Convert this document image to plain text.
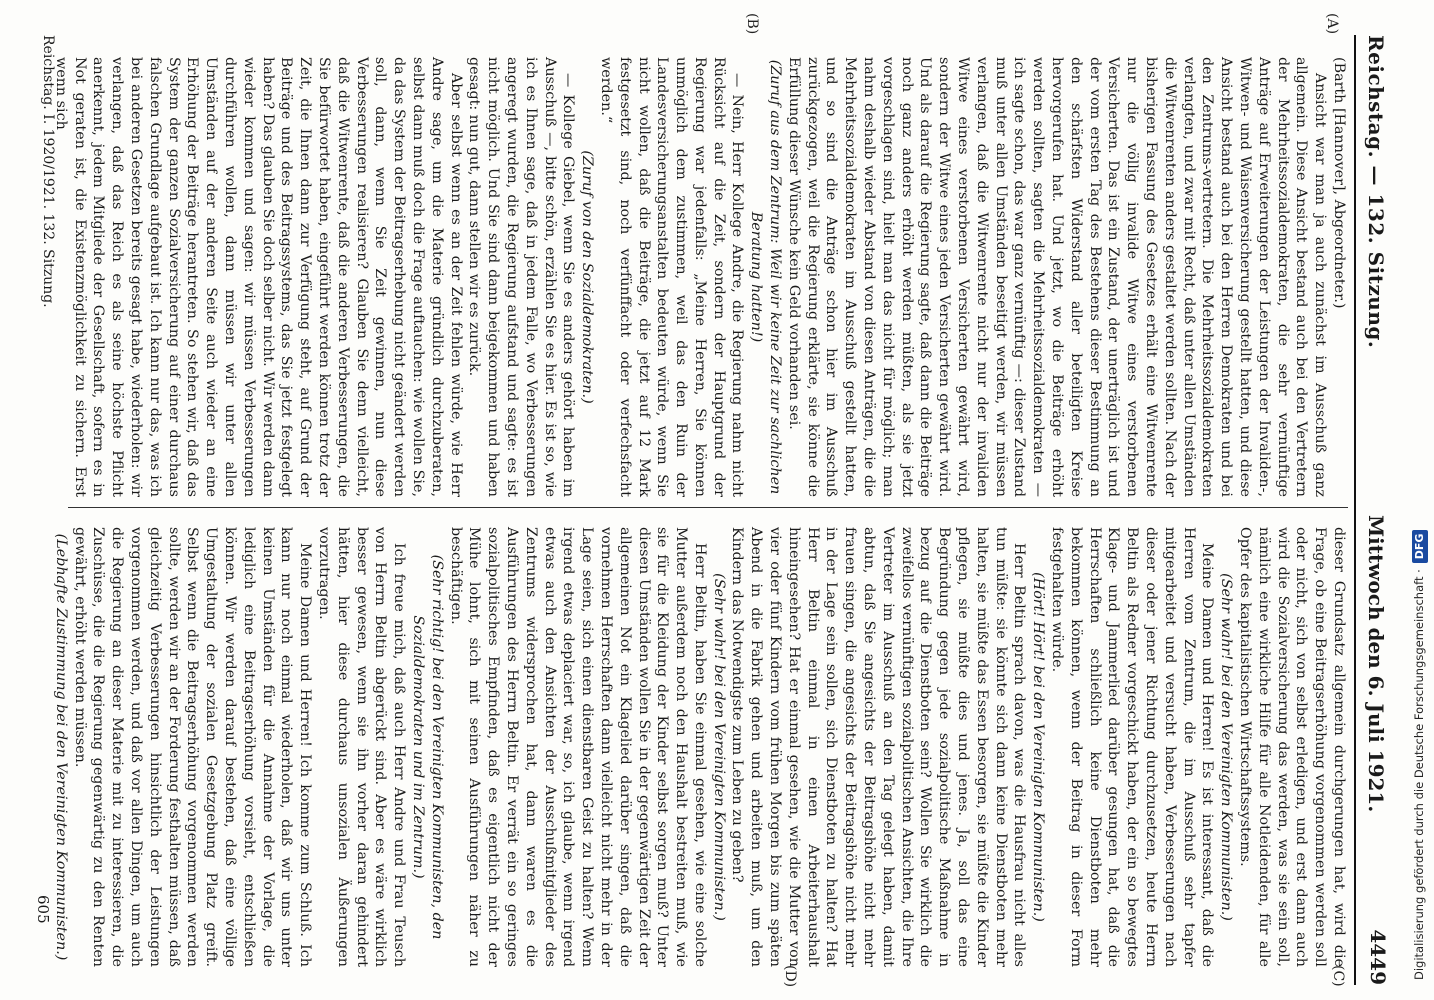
Reichstag. — 132. Sitzung.
Mittwoch den 6. Juli 1921.
4449
(A)
(B)
(C)
(D)

(Barth [Hannover], Abgeordneter.)

Ansicht war man ja auch zunächst im Ausschuß ganz allgemein. Diese Ansicht bestand auch bei den Vertretern der Mehrheitssozialdemokraten, die sehr vernünftige Anträge auf Erweiterungen der Leistungen der Invaliden-, Witwen- und Waisenversicherung gestellt hatten, und diese Ansicht bestand auch bei den Herren Demokraten und bei den Zentrums-vertretern. Die Mehrheitssozialdemokraten verlangten, und zwar mit Recht, daß unter allen Umständen die Witwenrenten anders gestaltet werden sollten. Nach der bisherigen Fassung des Gesetzes erhält eine Witwenrente nur die völlig invalide Witwe eines verstorbenen Versicherten. Das ist ein Zustand, der unerträglich ist und der vom ersten Tag des Bestehens dieser Bestimmung an den schärfsten Widerstand aller beteiligten Kreise hervorgerufen hat. Und jetzt, wo die Beiträge erhöht werden sollten, sagten die Mehrheitssozialdemokraten — ich sagte schon, das war ganz vernünftig —: dieser Zustand muß unter allen Umständen beseitigt werden, wir müssen verlangen, daß die Witwenrente nicht nur der invaliden Witwe eines verstorbenen Versicherten gewährt wird, sondern der Witwe eines jeden Versicherten gewährt wird. Und als darauf die Regierung sagte, daß dann die Beiträge noch ganz anders erhöht werden müßten, als sie jetzt vorgeschlagen sind, hielt man das nicht für möglich; man nahm deshalb wieder Abstand von diesen Anträgen, die die Mehrheitssozialdemokraten im Ausschuß gestellt hatten, und so sind die Anträge schon hier im Ausschuß zurückgezogen, weil die Regierung erklärte, sie könne die Erfüllung dieser Wünsche kein Geld vorhanden sei.

(Zuruf aus dem Zentrum: Weil wir keine Zeit zur sachlichen Beratung hatten!)

— Nein, Herr Kollege Andre, die Regierung nahm nicht Rücksicht auf die Zeit, sondern der Hauptgrund der Regierung war jedenfalls: „Meine Herren, Sie können unmöglich dem zustimmen, weil das den Ruin der Landesversicherungsanstalten bedeuten würde, wenn Sie nicht wollen, daß die Beiträge, die jetzt auf 12 Mark festgesetzt sind, noch verfünffacht oder verfechsfacht werden.“

(Zuruf von den Sozialdemokraten.)

— Kollege Giebel, wenn Sie es anders gehört haben im Ausschuß —, bitte schön, erzählen Sie es hier. Es ist so, wie ich es Ihnen sage, daß in jedem Falle, wo Verbesserungen angeregt wurden, die Regierung aufstand und sagte: es ist nicht möglich. Und Sie sind dann beigekommen und haben gesagt: nun gut, dann stellen wir es zurück.

Aber selbst wenn es an der Zeit fehlen würde, wie Herr Andre sage, um die Materie gründlich durchzuberaten, selbst dann muß doch die Frage auftauchen: wie wollen Sie, da das System der Beitragserhebung nicht geändert werden soll, dann, wenn Sie Zeit gewinnen, nun diese Verbesserungen realisieren? Glauben Sie denn vielleicht, daß die Witwenrente, daß die anderen Verbesserungen, die Sie befürwortet haben, eingeführt werden können trotz der Zeit, die Ihnen dann zur Verfügung steht, auf Grund der Beiträge und des Beitragssystems, das Sie jetzt festgelegt haben? Das glauben Sie doch selber nicht. Wir werden dann wieder kommen und sagen: wir müssen Verbesserungen durchführen wollen, dann müssen wir unter allen Umständen auf der anderen Seite auch wieder an eine Erhöhung der Beiträge herantreten. So stehen wir, daß das System der ganzen Sozialversicherung auf einer durchaus falschen Grundlage aufgebaut ist. Ich kann nur das, was ich bei anderen Gesetzen bereits gesagt habe, wiederholen: wir verlangen, daß das Reich es als seine höchste Pflicht anerkennt, jedem Mitgliede der Gesellschaft, sofern es in Not geraten ist, die Existenzmöglichkeit zu sichern. Erst wenn sich

dieser Grundsatz allgemein durchgerungen hat, wird die Frage, ob eine Beitragserhöhung vorgenommen werden soll oder nicht, sich von selbst erledigen, und erst dann auch wird die Sozialversicherung das werden, was sie sein soll, nämlich eine wirkliche Hilfe für alle Notleidenden, für alle Opfer des kapitalistischen Wirtschaftssystems.

(Sehr wahr! bei den Vereinigten Kommunisten.)

Meine Damen und Herren! Es ist interessant, daß die Herren vom Zentrum, die im Ausschuß sehr tapfer mitgearbeitet und versucht haben, Verbesserungen nach dieser oder jener Richtung durchzusetzen, heute Herrn Beltin als Redner vorgeschickt haben, der ein so bewegtes Klage- und Jammerlied darüber gesungen hat, daß die Herrschaften schließlich keine Dienstboten mehr bekommen können, wenn der Beitrag in dieser Form festgehalten würde.

(Hört! Hört! bei den Vereinigten Kommunisten.)

Herr Beltin sprach davon, was die Hausfrau nicht alles tun müßte: sie könnte sich dann keine Dienstboten mehr halten, sie müßte das Essen besorgen, sie müßte die Kinder pflegen, sie müßte dies und jenes. Ja, soll das eine Begründung gegen jede sozialpolitische Maßnahme in bezug auf die Dienstboten sein? Wollen Sie wirklich die zweifellos vernünftigen sozialpolitischen Ansichten, die Ihre Vertreter im Ausschuß an den Tag gelegt haben, damit abtun, daß Sie angesichts der Beitragshöhe nicht mehr frauen singen, die angesichts der Beitragshöhe nicht mehr in der Lage sein sollen, sich Dienstboten zu halten? Hat Herr Beltin einmal in einen Arbeiterhaushalt hineingesehen? Hat er einmal gesehen, wie die Mutter von vier oder fünf Kindern vom frühen Morgen bis zum späten Abend in die Fabrik gehen und arbeiten muß, um den Kindern das Notwendigste zum Leben zu geben?

(Sehr wahr! bei den Vereinigten Kommunisten.)

Herr Beltin, haben Sie einmal gesehen, wie eine solche Mutter außerdem noch den Haushalt bestreiten muß, wie sie für die Kleidung der Kinder selbst sorgen muß? Unter diesen Umständen wollen Sie in der gegenwärtigen Zeit der allgemeinen Not ein Klagelied darüber singen, daß die vornehmen Herrschaften dann vielleicht nicht mehr in der Lage seien, sich einen dienstbaren Geist zu halten? Wenn irgend etwas deplaciert war, so, ich glaube, wenn irgend etwas auch den Ansichten der Ausschußmitglieder des Zentrums widersprochen hat, dann waren es die Ausführungen des Herrn Beltin. Er verrät ein so geringes sozialpolitisches Empfinden, daß es eigentlich nicht der Mühe lohnt, sich mit seinen Ausführungen näher zu beschäftigen.

(Sehr richtig! bei den Vereinigten Kommunisten, den Sozialdemokraten und im Zentrum.)

Ich freue mich, daß auch Herr Andre und Frau Teusch von Herrn Beltin abgerückt sind. Aber es wäre wirklich besser gewesen, wenn sie ihn vorher daran gehindert hätten, hier diese durchaus unsozialen Äußerungen vorzutragen.

Meine Damen und Herren! Ich komme zum Schluß. Ich kann nur noch einmal wiederholen, daß wir uns unter keinen Umständen für die Annahme der Vorlage, die lediglich eine Beitragserhöhung vorsieht, entschließen können. Wir werden darauf bestehen, daß eine völlige Umgestaltung der sozialen Gesetzgebung Platz greift. Selbst wenn die Beitragserhöhung vorgenommen werden sollte, werden wir an der Forderung festhalten müssen, daß gleichzeitig Verbesserungen hinsichtlich der Leistungen vorgenommen werden, und daß vor allen Dingen, um auch die Regierung an dieser Materie mit zu interessieren, die Zuschüsse, die die Regierung gegenwärtig zu den Renten gewährt, erhöht werden müssen.

(Lebhafte Zustimmung bei den Vereinigten Kommunisten.)

Reichstag. I. 1920/1921. 132. Sitzung.
605	Digitalisierung gefördert durch die Deutsche Forschungsgemeinschaft ·DFG
